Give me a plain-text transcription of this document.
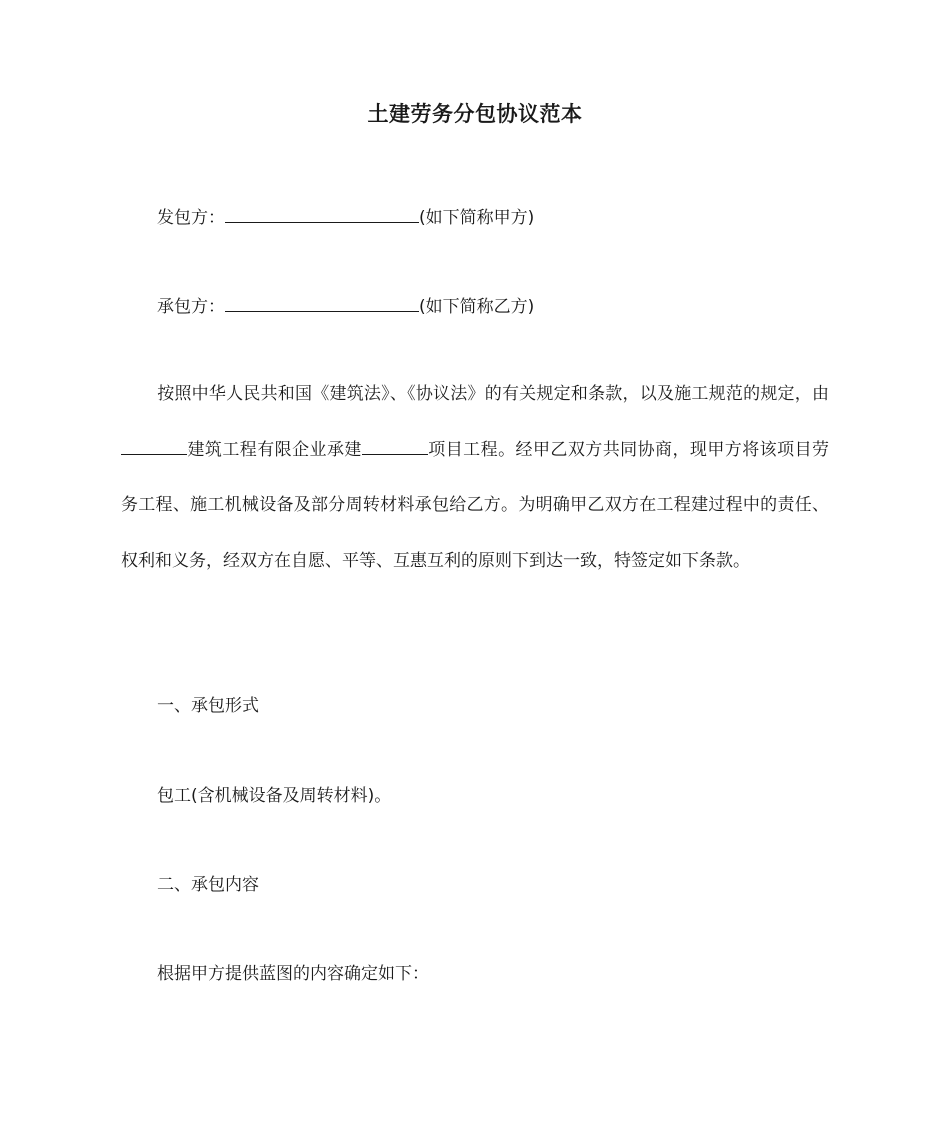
土建劳务分包协议范本
发包方：	(如下简称甲方)
承包方：	(如下简称乙方)
按照中华人民共和国《建筑法》、《协议法》的有关规定和条款，以及施工规范的规定，由建筑工程有限企业承建	项目工程。经甲乙双方共同协商，现甲方将该项目劳务工程、施工机械设备及部分周转材料承包给乙方。为明确甲乙双方在工程建过程中的责任、权利和义务，经双方在自愿、平等、互惠互利的原则下到达一致，特签定如下条款。
一、承包形式
包工(含机械设备及周转材料)。
二、承包内容
根据甲方提供蓝图的内容确定如下：
